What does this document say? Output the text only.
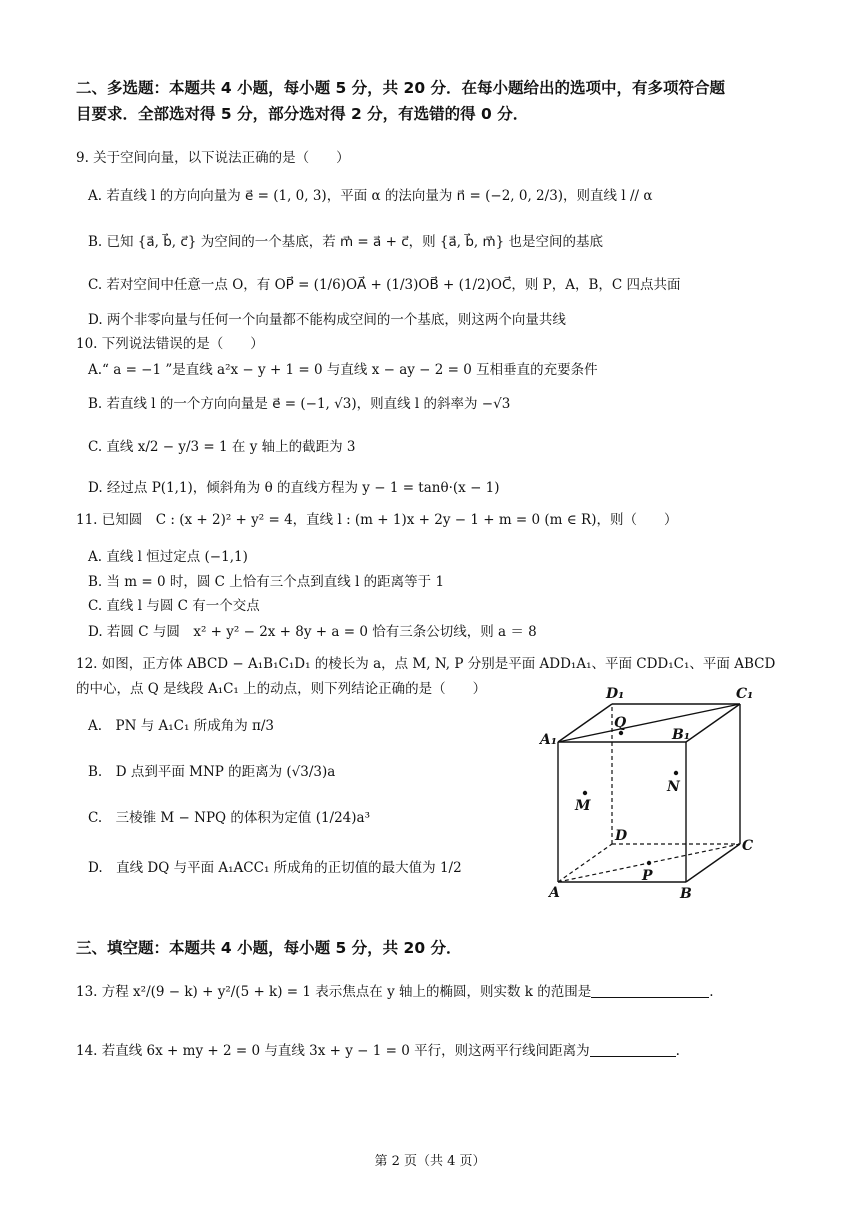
二、多选题：本题共 4 小题，每小题 5 分，共 20 分．在每小题给出的选项中，有多项符合题
目要求．全部选对得 5 分，部分选对得 2 分，有选错的得 0 分．
9. 关于空间向量，以下说法正确的是（　　）
A. 若直线 l 的方向向量为 e⃗ = (1, 0, 3)，平面 α 的法向量为 n⃗ = (−2, 0, 2/3)，则直线 l // α
B. 已知 {a⃗, b⃗, c⃗} 为空间的一个基底，若 m⃗ = a⃗ + c⃗，则 {a⃗, b⃗, m⃗} 也是空间的基底
C. 若对空间中任意一点 O，有 OP⃗ = (1/6)OA⃗ + (1/3)OB⃗ + (1/2)OC⃗，则 P，A，B，C 四点共面
D. 两个非零向量与任何一个向量都不能构成空间的一个基底，则这两个向量共线
10. 下列说法错误的是（　　）
A.“ a = −1 ”是直线 a²x − y + 1 = 0 与直线 x − ay − 2 = 0 互相垂直的充要条件
B. 若直线 l 的一个方向向量是 e⃗ = (−1, √3)，则直线 l 的斜率为 −√3
C. 直线 x/2 − y/3 = 1 在 y 轴上的截距为 3
D. 经过点 P(1,1)，倾斜角为 θ 的直线方程为 y − 1 = tanθ·(x − 1)
11. 已知圆　C : (x + 2)² + y² = 4，直线 l : (m + 1)x + 2y − 1 + m = 0 (m ∈ R)，则（　　）
A. 直线 l 恒过定点 (−1,1)
B. 当 m = 0 时，圆 C 上恰有三个点到直线 l 的距离等于 1
C. 直线 l 与圆 C 有一个交点
D. 若圆 C 与圆　x² + y² − 2x + 8y + a = 0 恰有三条公切线，则 a ＝ 8
12. 如图，正方体 ABCD − A₁B₁C₁D₁ 的棱长为 a，点 M, N, P 分别是平面 ADD₁A₁、平面 CDD₁C₁、平面 ABCD
的中心，点 Q 是线段 A₁C₁ 上的动点，则下列结论正确的是（　　）
A.　PN 与 A₁C₁ 所成角为 π/3
B.　D 点到平面 MNP 的距离为 (√3/3)a
C.　三棱锥 M − NPQ 的体积为定值 (1/24)a³
D.　直线 DQ 与平面 A₁ACC₁ 所成角的正切值的最大值为 1/2
D₁	C₁
Q
A₁	B₁
N
M
D
C
P
A	B
三、填空题：本题共 4 小题，每小题 5 分，共 20 分．
13. 方程 x²/(9 − k) + y²/(5 + k) = 1 表示焦点在 y 轴上的椭圆，则实数 k 的范围是	.
14. 若直线 6x + my + 2 = 0 与直线 3x + y − 1 = 0 平行，则这两平行线间距离为	.
第 2 页（共 4 页）
